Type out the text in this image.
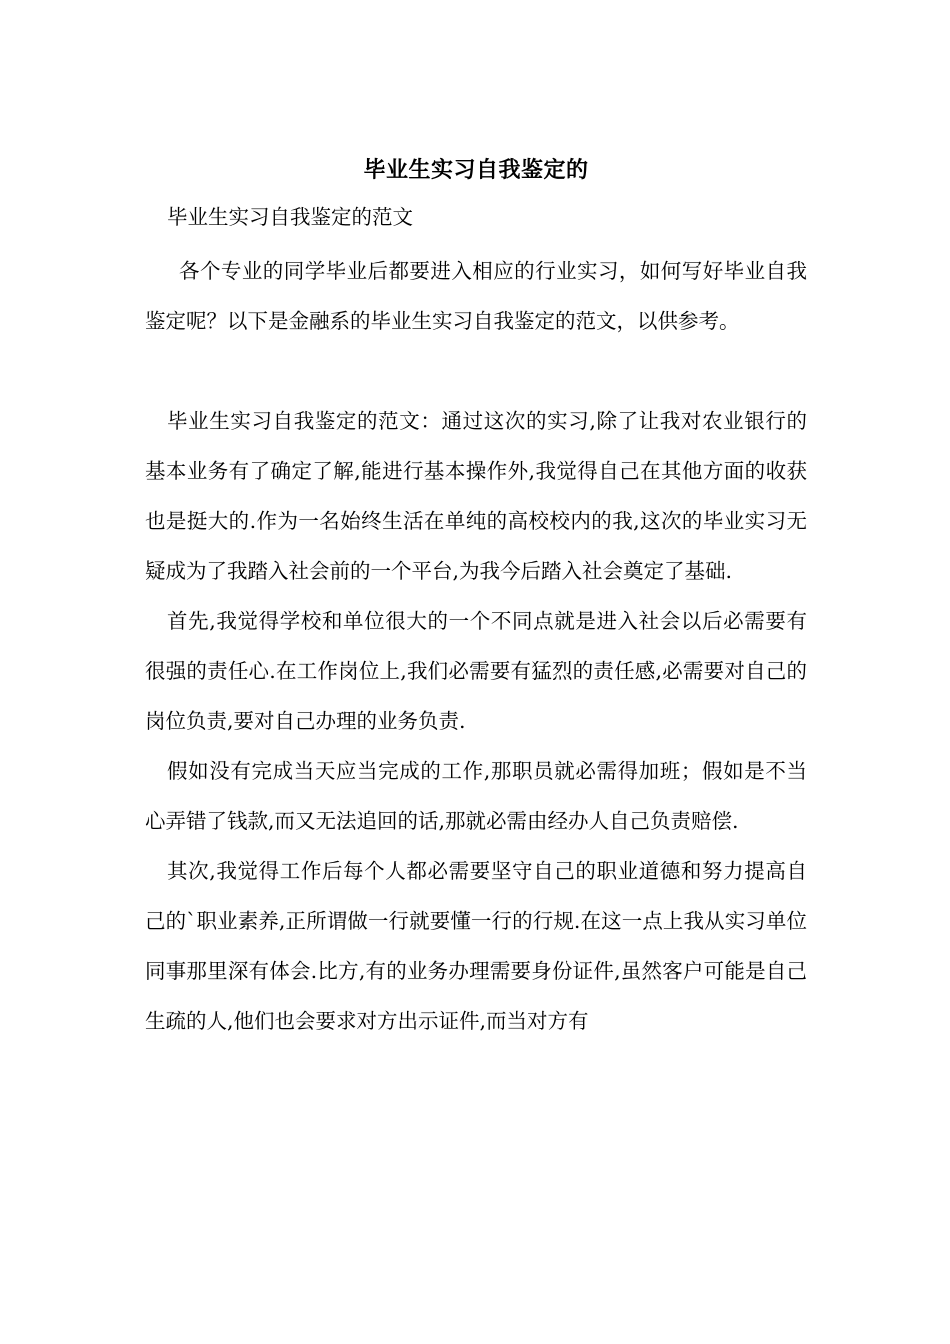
毕业生实习自我鉴定的

毕业生实习自我鉴定的范文

各个专业的同学毕业后都要进入相应的行业实习，如何写好毕业自我鉴定呢？以下是金融系的毕业生实习自我鉴定的范文，以供参考。

毕业生实习自我鉴定的范文：通过这次的实习,除了让我对农业银行的基本业务有了确定了解,能进行基本操作外,我觉得自己在其他方面的收获也是挺大的.作为一名始终生活在单纯的高校校内的我,这次的毕业实习无疑成为了我踏入社会前的一个平台,为我今后踏入社会奠定了基础.

首先,我觉得学校和单位很大的一个不同点就是进入社会以后必需要有很强的责任心.在工作岗位上,我们必需要有猛烈的责任感,必需要对自己的岗位负责,要对自己办理的业务负责.

假如没有完成当天应当完成的工作,那职员就必需得加班；假如是不当心弄错了钱款,而又无法追回的话,那就必需由经办人自己负责赔偿.

其次,我觉得工作后每个人都必需要坚守自己的职业道德和努力提高自己的`职业素养,正所谓做一行就要懂一行的行规.在这一点上我从实习单位同事那里深有体会.比方,有的业务办理需要身份证件,虽然客户可能是自己生疏的人,他们也会要求对方出示证件,而当对方有
